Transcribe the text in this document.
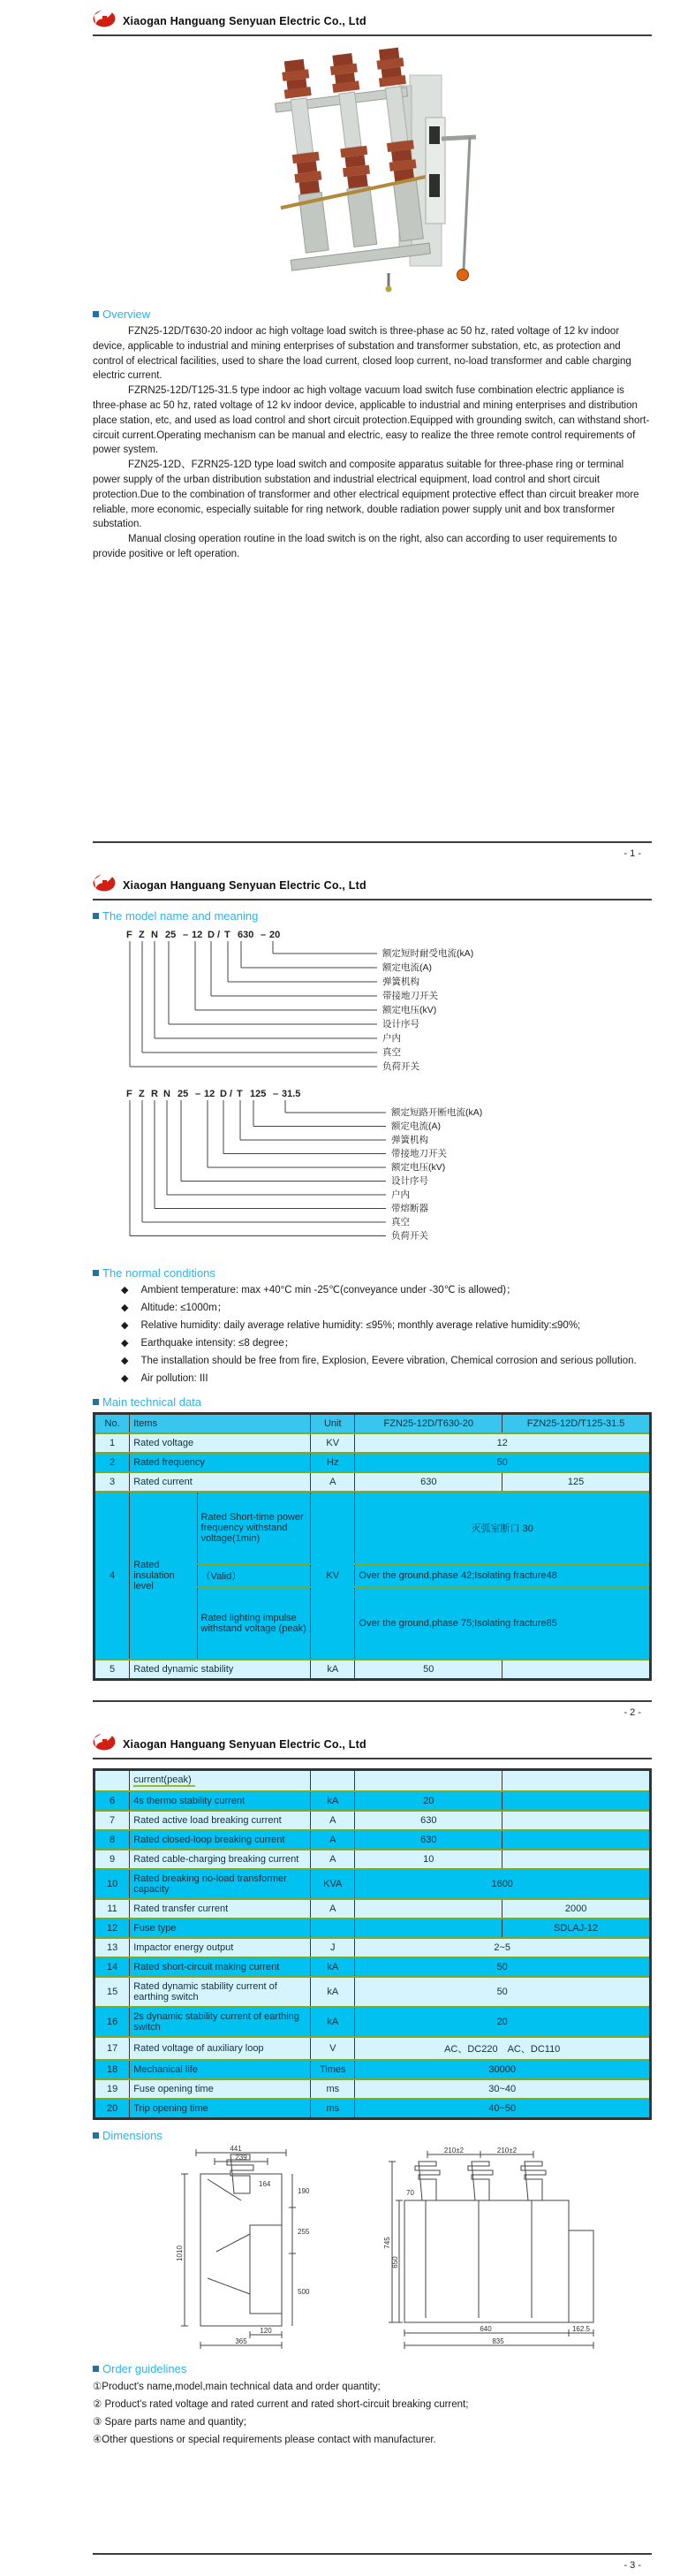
Xiaogan Hanguang Senyuan Electric Co., Ltd
Overview

FZN25-12D/T630-20 indoor ac high voltage load switch is three-phase ac 50 hz, rated voltage of 12 kv indoor device, applicable to industrial and mining enterprises of substation and transformer substation, etc, as protection and control of electrical facilities, used to share the load current, closed loop current, no-load transformer and cable charging electric current.

FZRN25-12D/T125-31.5 type indoor ac high voltage vacuum load switch fuse combination electric appliance is three-phase ac 50 hz, rated voltage of 12 kv indoor device, applicable to industrial and mining enterprises and distribution place station, etc, and used as load control and short circuit protection.Equipped with grounding switch, can withstand short-circuit current.Operating mechanism can be manual and electric, easy to realize the three remote control requirements of power system.

FZN25-12D、FZRN25-12D type load switch and composite apparatus suitable for three-phase ring or terminal power supply of the urban distribution substation and industrial electrical equipment, load control and short circuit protection.Due to the combination of transformer and other electrical equipment protective effect than circuit breaker more reliable, more economic, especially suitable for ring network, double radiation power supply unit and box transformer substation.

Manual closing operation routine in the load switch is on the right, also can according to user requirements to provide positive or left operation.

- 1 -
Xiaogan Hanguang Senyuan Electric Co., Ltd
The model name and meaning
F Z N 25 – 12 D / T 630 – 20
额定短时耐受电流(kA)
额定电流(A)
弹簧机构
带接地刀开关
额定电压(kV)
设计序号
户内
真空
负荷开关
F Z R N 25 – 12 D / T 125 – 31.5
额定短路开断电流(kA)
额定电流(A)
弹簧机构
带接地刀开关
额定电压(kV)
设计序号
户内
带熔断器
真空
负荷开关
The normal conditions
◆ Ambient temperature: max +40°C min -25℃(conveyance under -30℃ is allowed)；
◆ Altitude: ≤1000m；
◆ Relative humidity: daily average relative humidity: ≤95%; monthly average relative humidity:≤90%;
◆ Earthquake intensity: ≤8 degree；
◆ The installation should be free from fire, Explosion, Eevere vibration, Chemical corrosion and serious pollution.
◆ Air pollution: III
Main technical data
No.	Items		Unit	FZN25-12D/T630-20	FZN25-12D/T125-31.5
1	Rated voltage		KV	12	
2	Rated frequency		Hz	50	
3	Rated current		A	630	125
4	Rated insulation level	Rated Short-time power frequency withstand voltage(1min)	KV	灭弧室断口 30	
		（Valid）		Over the ground,phase 42;Isolating fracture48	
		Rated lighting impulse withstand voltage (peak)		Over the ground,phase 75;Isolating fracture85	
5	Rated dynamic stability		kA	50	
- 2 -
Xiaogan Hanguang Senyuan Electric Co., Ltd
	current(peak)			
6	4s thermo stability current	kA	20	
7	Rated active load breaking current	A	630	
8	Rated closed-loop breaking current	A	630	
9	Rated cable-charging breaking current	A	10	
10	Rated breaking no-load transformer capacity	KVA	1600	
11	Rated transfer current	A		2000
12	Fuse type			SDLAJ-12
13	Impactor energy output	J	2~5	
14	Rated short-circuit making current	kA	50	
15	Rated dynamic stability current of earthing switch	kA	50	
16	2s dynamic stability current of earthing switch	kA	20	
17	Rated voltage of auxiliary loop	V	AC、DC220　AC、DC110	
18	Mechanical life	Times	30000	
19	Fuse opening time	ms	30~40	
20	Trip opening time	ms	40~50	
Dimensions
441
239
164
190
255
500
1010
120
365
210±2	210±2
70
745
650
640	162.5
835
Order guidelines
①Product's name,model,main technical data and order quantity;
② Product's rated voltage and rated current and rated short-circuit breaking current;
③ Spare parts name and quantity;
④Other questions or special requirements please contact with manufacturer.
- 3 -
